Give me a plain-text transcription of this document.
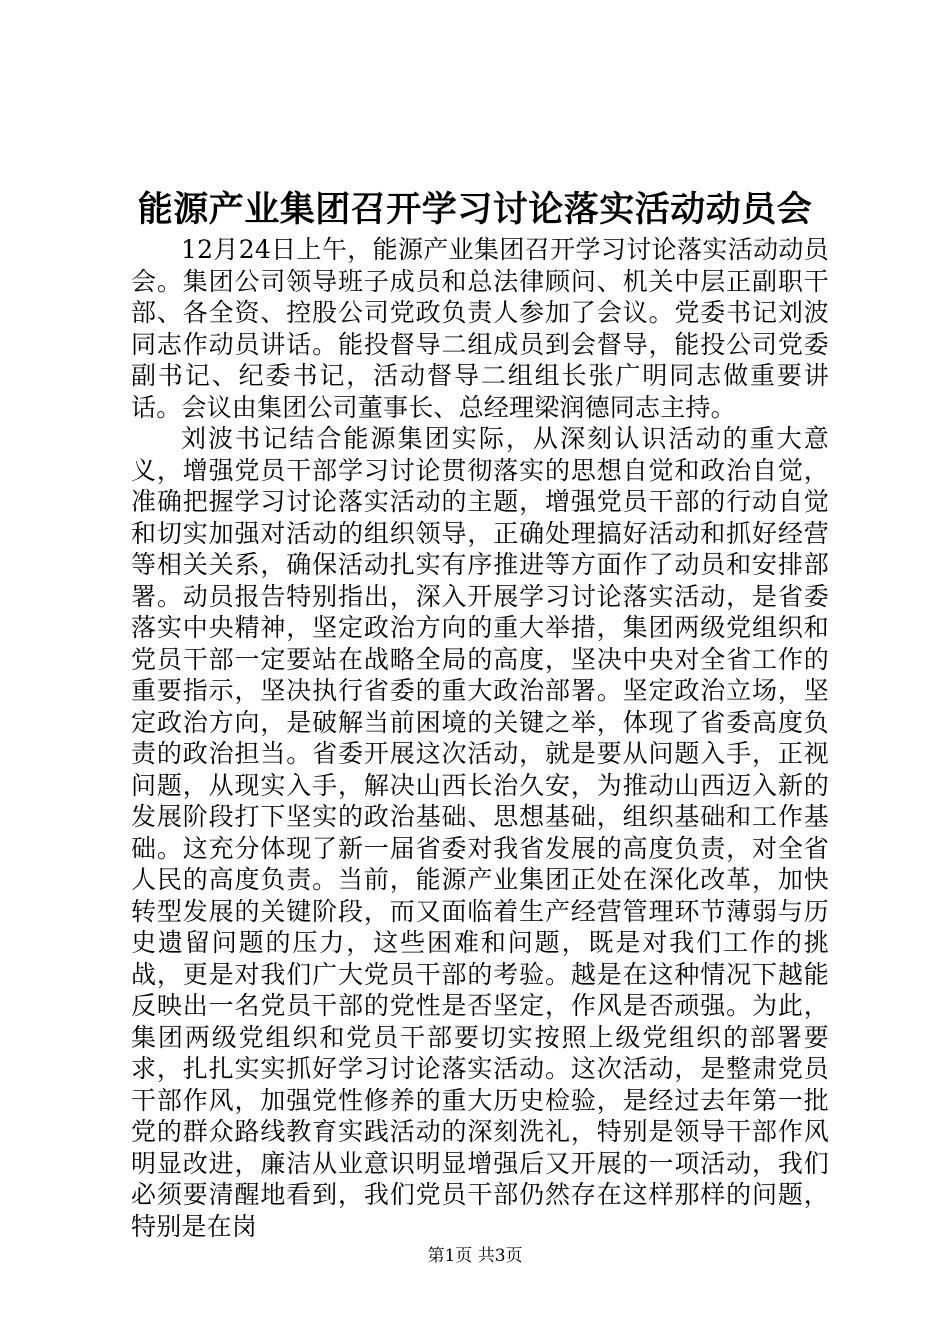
能源产业集团召开学习讨论落实活动动员会

12月24日上午，能源产业集团召开学习讨论落实活动动员会。集团公司领导班子成员和总法律顾问、机关中层正副职干部、各全资、控股公司党政负责人参加了会议。党委书记刘波同志作动员讲话。能投督导二组成员到会督导，能投公司党委副书记、纪委书记，活动督导二组组长张广明同志做重要讲话。会议由集团公司董事长、总经理梁润德同志主持。

刘波书记结合能源集团实际，从深刻认识活动的重大意义，增强党员干部学习讨论贯彻落实的思想自觉和政治自觉，准确把握学习讨论落实活动的主题，增强党员干部的行动自觉和切实加强对活动的组织领导，正确处理搞好活动和抓好经营等相关关系，确保活动扎实有序推进等方面作了动员和安排部署。动员报告特别指出，深入开展学习讨论落实活动，是省委落实中央精神，坚定政治方向的重大举措，集团两级党组织和党员干部一定要站在战略全局的高度，坚决中央对全省工作的重要指示，坚决执行省委的重大政治部署。坚定政治立场，坚定政治方向，是破解当前困境的关键之举，体现了省委高度负责的政治担当。省委开展这次活动，就是要从问题入手，正视问题，从现实入手，解决山西长治久安，为推动山西迈入新的发展阶段打下坚实的政治基础、思想基础，组织基础和工作基础。这充分体现了新一届省委对我省发展的高度负责，对全省人民的高度负责。当前，能源产业集团正处在深化改革，加快转型发展的关键阶段，而又面临着生产经营管理环节薄弱与历史遗留问题的压力，这些困难和问题，既是对我们工作的挑战，更是对我们广大党员干部的考验。越是在这种情况下越能反映出一名党员干部的党性是否坚定，作风是否顽强。为此，集团两级党组织和党员干部要切实按照上级党组织的部署要求，扎扎实实抓好学习讨论落实活动。这次活动，是整肃党员干部作风，加强党性修养的重大历史检验，是经过去年第一批党的群众路线教育实践活动的深刻洗礼，特别是领导干部作风明显改进，廉洁从业意识明显增强后又开展的一项活动，我们必须要清醒地看到，我们党员干部仍然存在这样那样的问题，特别是在岗

第1页 共3页
